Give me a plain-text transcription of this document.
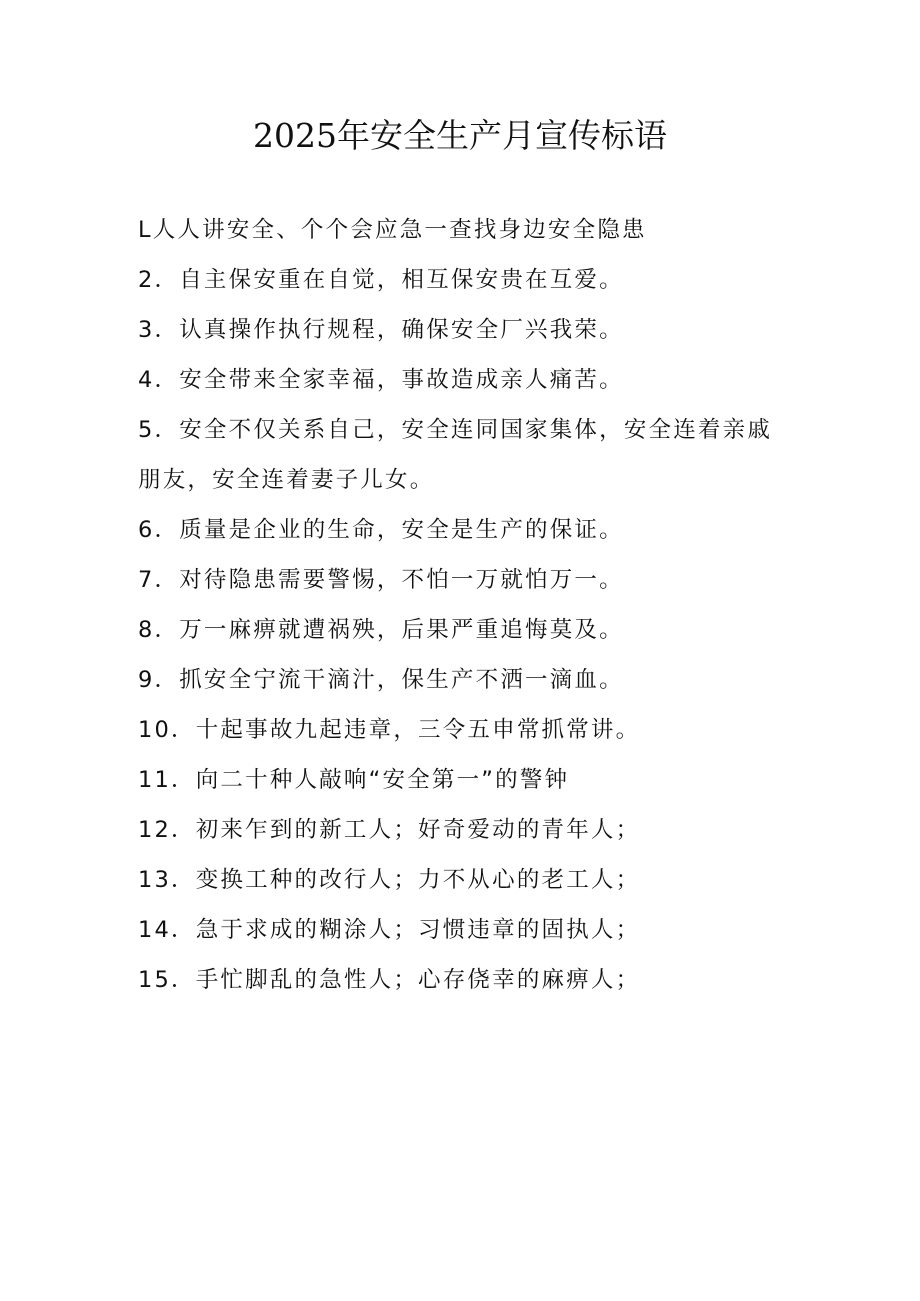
2025年安全生产月宣传标语
L人人讲安全、个个会应急一查找身边安全隐患
2．自主保安重在自觉，相互保安贵在互爱。
3．认真操作执行规程，确保安全厂兴我荣。
4．安全带来全家幸福，事故造成亲人痛苦。
5．安全不仅关系自己，安全连同国家集体，安全连着亲戚
朋友，安全连着妻子儿女。
6．质量是企业的生命，安全是生产的保证。
7．对待隐患需要警惕，不怕一万就怕万一。
8．万一麻痹就遭祸殃，后果严重追悔莫及。
9．抓安全宁流干滴汁，保生产不洒一滴血。
10．十起事故九起违章，三令五申常抓常讲。
11．向二十种人敲响“安全第一”的警钟
12．初来乍到的新工人；好奇爱动的青年人；
13．变换工种的改行人；力不从心的老工人；
14．急于求成的糊涂人；习惯违章的固执人；
15．手忙脚乱的急性人；心存侥幸的麻痹人；
